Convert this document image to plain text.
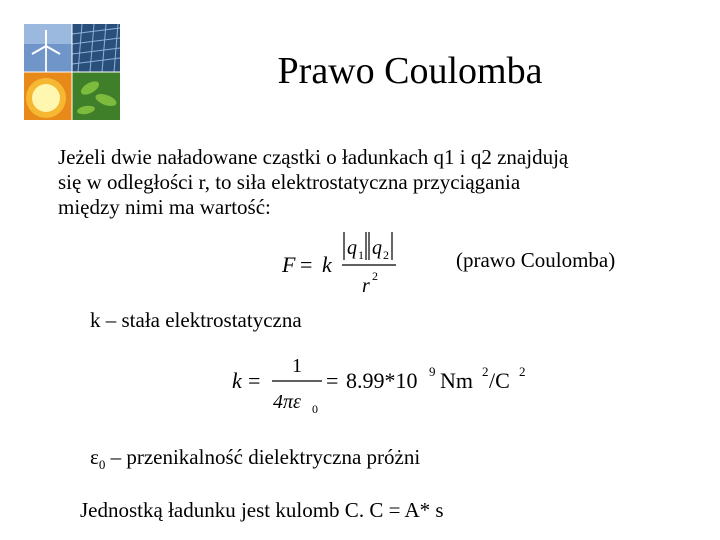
Prawo Coulomba
Jeżeli dwie naładowane cząstki o ładunkach q1 i q2 znajdują
się w odległości r, to siła elektrostatyczna przyciągania
między nimi ma wartość:
F = k
q 1 q 2
r 2
(prawo Coulomba)
k – stała elektrostatyczna
k =
1
4πε 0
= 8.99*10 9 Nm 2 /C 2
$\varepsilon_0$ – przenikalność dielektryczna próżni
Jednostką ładunku jest kulomb C. C = A* s
